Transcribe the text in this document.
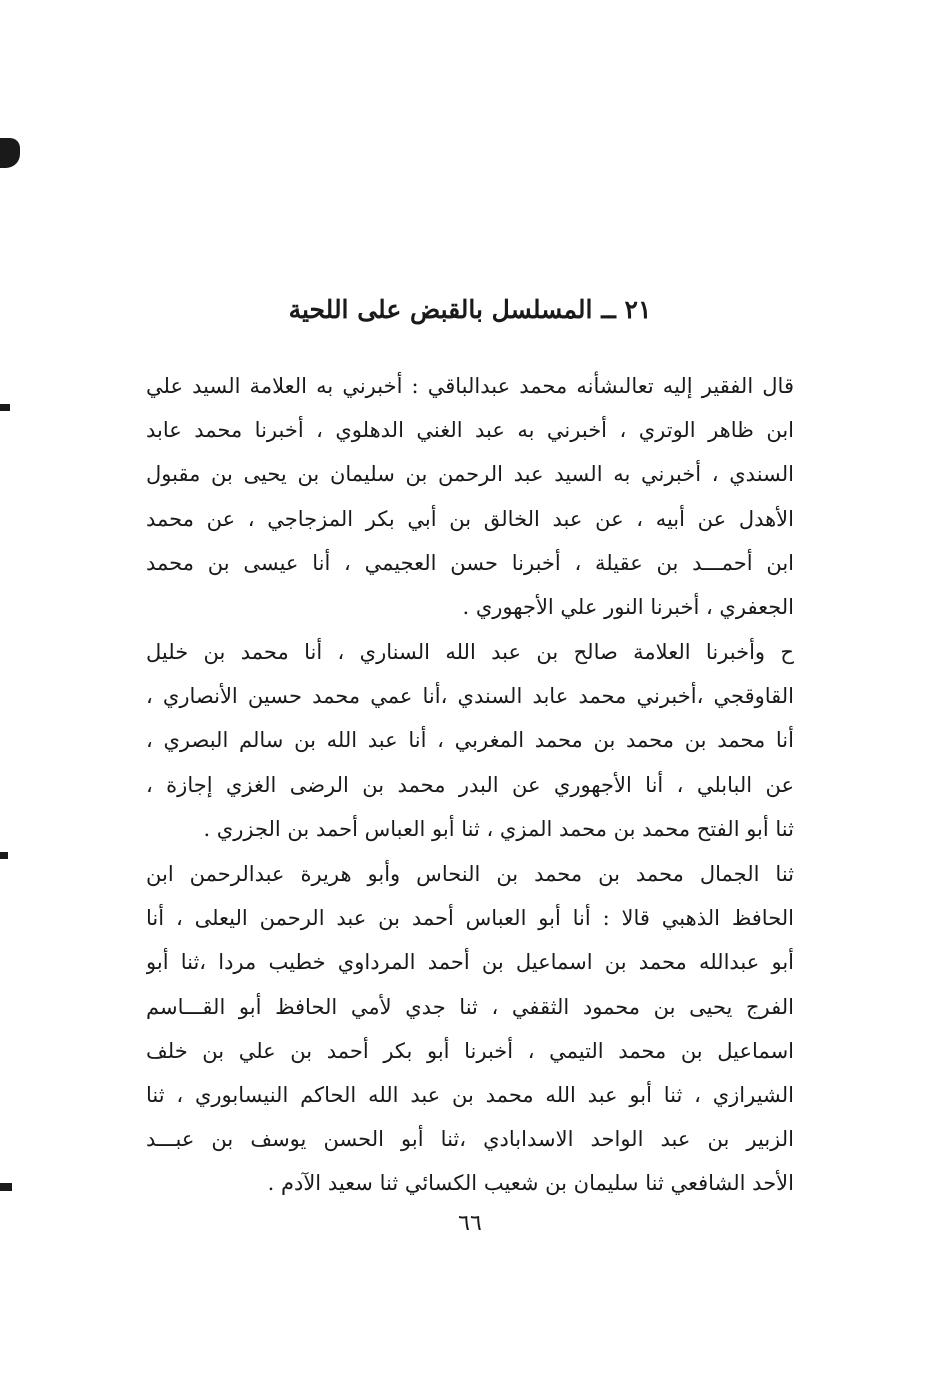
٢١ ــ المسلسل بالقبض على اللحية
قال الفقير إليه تعالىشأنه محمد عبدالباقي : أخبرني به العلامة السيد علي
ابن ظاهر الوتري ، أخبرني به عبد الغني الدهلوي ، أخبرنا محمد عابد
السندي ، أخبرني به السيد عبد الرحمن بن سليمان بن يحيى بن مقبول
الأهدل عن أبيه ، عن عبد الخالق بن أبي بكر المزجاجي ، عن محمد
ابن أحمـــد بن عقيلة ، أخبرنا حسن العجيمي ، أنا عيسى بن محمد
الجعفري ، أخبرنا النور علي الأجهوري .
ح وأخبرنا العلامة صالح بن عبد الله السناري ، أنا محمد بن خليل
القاوقجي ،أخبرني محمد عابد السندي ،أنا عمي محمد حسين الأنصاري ،
أنا محمد بن محمد بن محمد المغربي ، أنا عبد الله بن سالم البصري ،
عن البابلي ، أنا الأجهوري عن البدر محمد بن الرضى الغزي إجازة ،
ثنا أبو الفتح محمد بن محمد المزي ، ثنا أبو العباس أحمد بن الجزري .
ثنا الجمال محمد بن محمد بن النحاس وأبو هريرة عبدالرحمن ابن
الحافظ الذهبي قالا : أنا أبو العباس أحمد بن عبد الرحمن اليعلى ، أنا
أبو عبدالله محمد بن اسماعيل بن أحمد المرداوي خطيب مردا ،ثنا أبو
الفرج يحيى بن محمود الثقفي ، ثنا جدي لأمي الحافظ أبو القـــاسم
اسماعيل بن محمد التيمي ، أخبرنا أبو بكر أحمد بن علي بن خلف
الشيرازي ، ثنا أبو عبد الله محمد بن عبد الله الحاكم النيسابوري ، ثنا
الزبير بن عبد الواحد الاسدابادي ،ثنا أبو الحسن يوسف بن عبـــد
الأحد الشافعي ثنا سليمان بن شعيب الكسائي ثنا سعيد الآدم .
٦٦
